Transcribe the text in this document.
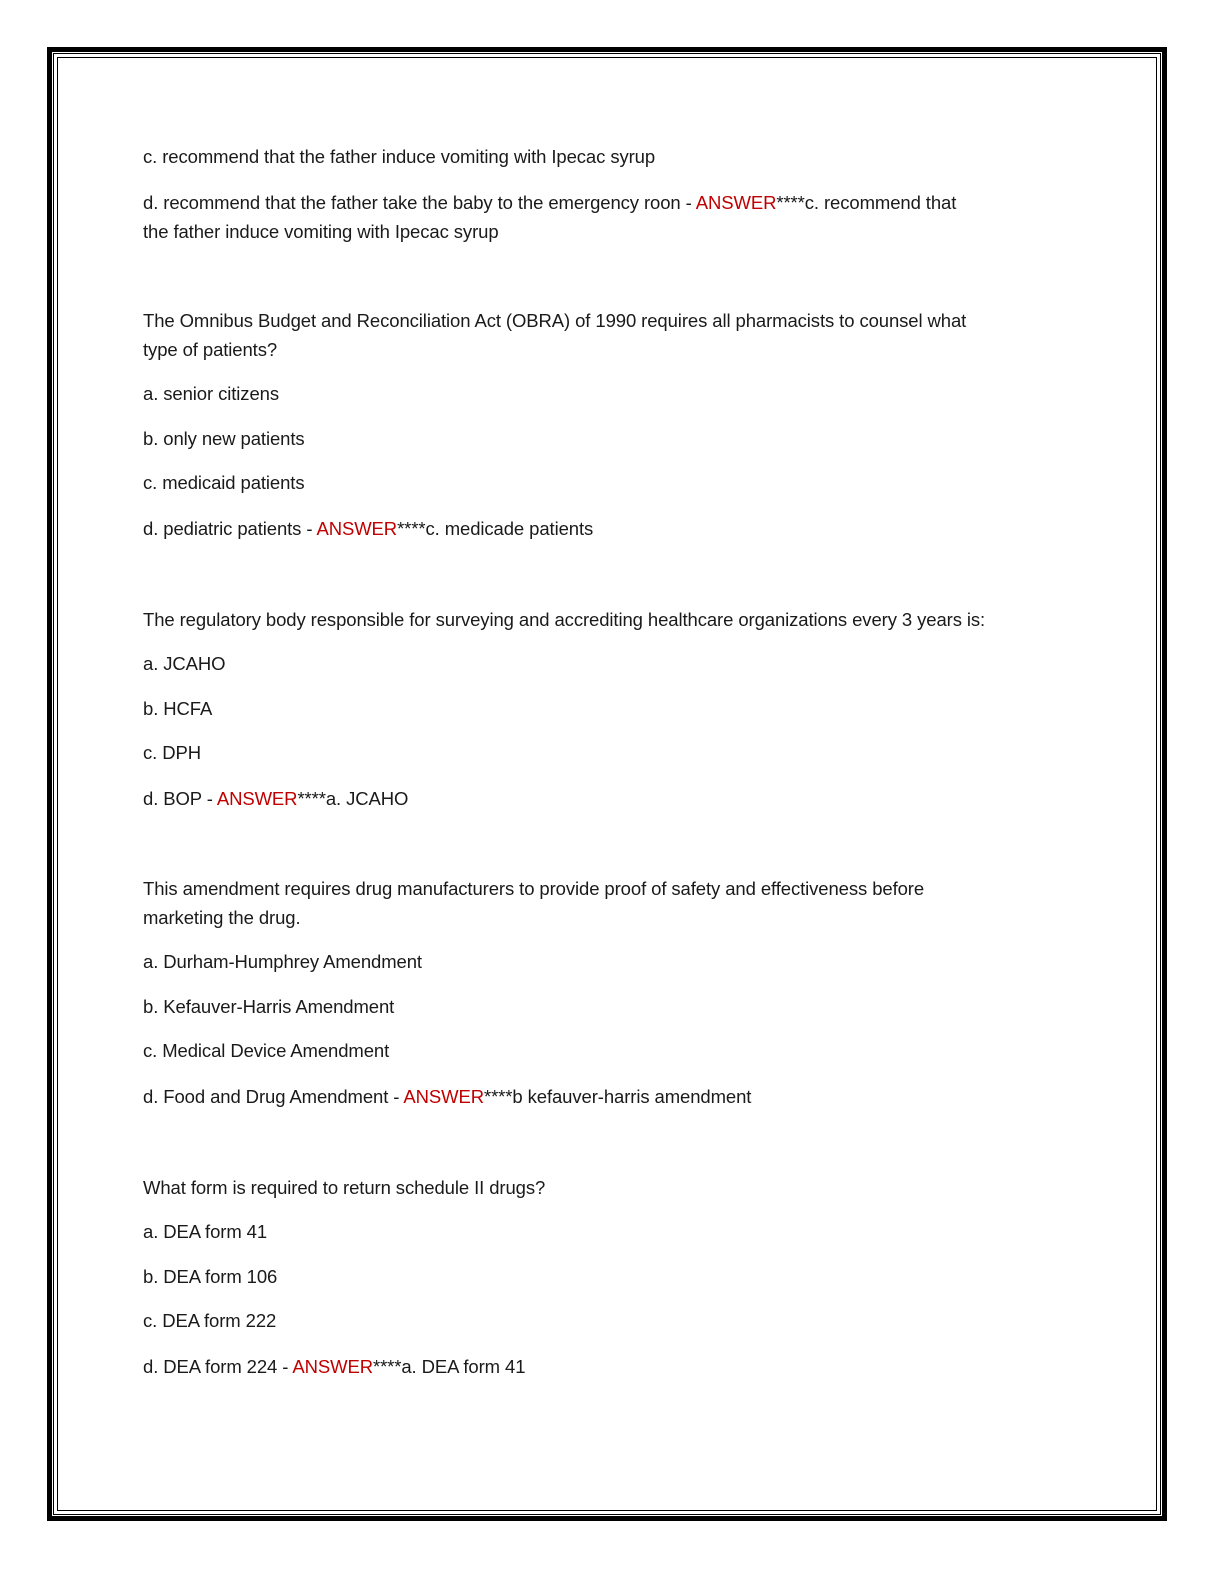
c. recommend that the father induce vomiting with Ipecac syrup
d. recommend that the father take the baby to the emergency roon - ANSWER****c. recommend that
the father induce vomiting with Ipecac syrup
The Omnibus Budget and Reconciliation Act (OBRA) of 1990 requires all pharmacists to counsel what
type of patients?
a. senior citizens
b. only new patients
c. medicaid patients
d. pediatric patients - ANSWER****c. medicade patients
The regulatory body responsible for surveying and accrediting healthcare organizations every 3 years is:
a. JCAHO
b. HCFA
c. DPH
d. BOP - ANSWER****a. JCAHO
This amendment requires drug manufacturers to provide proof of safety and effectiveness before
marketing the drug.
a. Durham-Humphrey Amendment
b. Kefauver-Harris Amendment
c. Medical Device Amendment
d. Food and Drug Amendment - ANSWER****b kefauver-harris amendment
What form is required to return schedule II drugs?
a. DEA form 41
b. DEA form 106
c. DEA form 222
d. DEA form 224 - ANSWER****a. DEA form 41
